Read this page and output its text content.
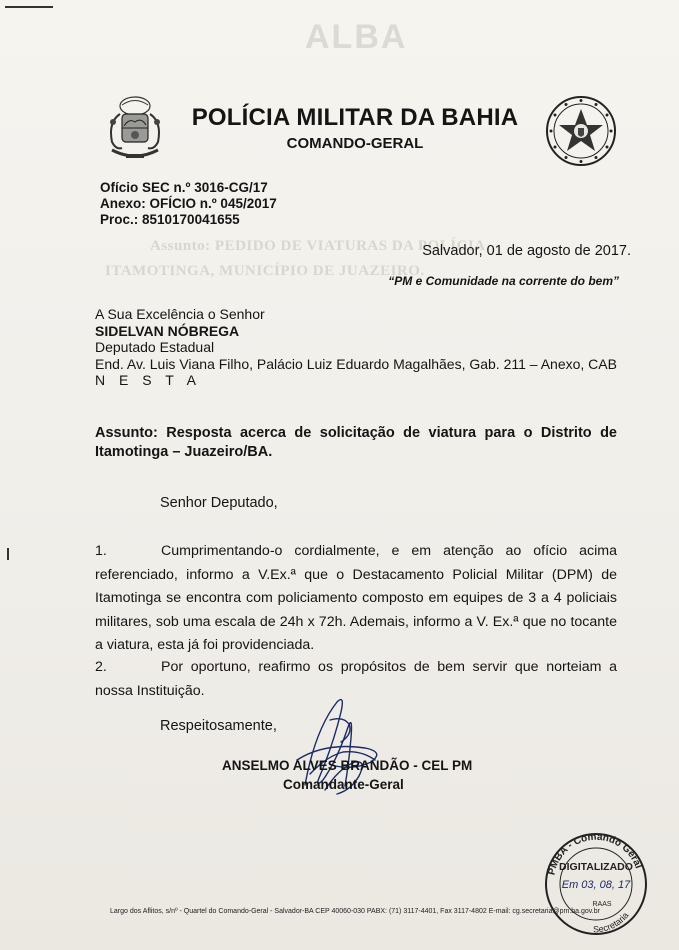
ALBA
Assunto: PEDIDO DE VIATURAS DA POLÍCIA
ITAMOTINGA, MUNICÍPIO DE JUAZEIRO.
POLÍCIA MILITAR DA BAHIA
COMANDO-GERAL
Ofício SEC n.º 3016-CG/17
Anexo: OFÍCIO n.º 045/2017
Proc.: 8510170041655
Salvador, 01 de agosto de 2017.
“PM e Comunidade na corrente do bem”
A Sua Excelência o Senhor
SIDELVAN NÓBREGA
Deputado Estadual
End. Av. Luis Viana Filho, Palácio Luiz Eduardo Magalhães, Gab. 211 – Anexo, CAB
N E S T A
Assunto: Resposta acerca de solicitação de viatura para o Distrito de Itamotinga – Juazeiro/BA.
Senhor Deputado,
1.	Cumprimentando-o cordialmente, e em atenção ao ofício acima referenciado, informo a V.Ex.ª que o Destacamento Policial Militar (DPM) de Itamotinga se encontra com policiamento composto em equipes de 3 a 4 policiais militares, sob uma escala de 24h x 72h. Ademais, informo a V. Ex.ª que no tocante a viatura, esta já foi providenciada.
2.	Por oportuno, reafirmo os propósitos de bem servir que norteiam a nossa Instituição.
Respeitosamente,
ANSELMO ALVES BRANDÃO - CEL PM
Comandante-Geral
PMBA - Comando Geral
Secretaria
DIGITALIZADO
Em 03, 08, 17
RAAS
Largo dos Aflitos, s/nº - Quartel do Comando-Geral - Salvador-BA CEP 40060-030 PABX: (71) 3117-4401, Fax 3117-4802 E-mail: cg.secretaria@pm.ba.gov.br
